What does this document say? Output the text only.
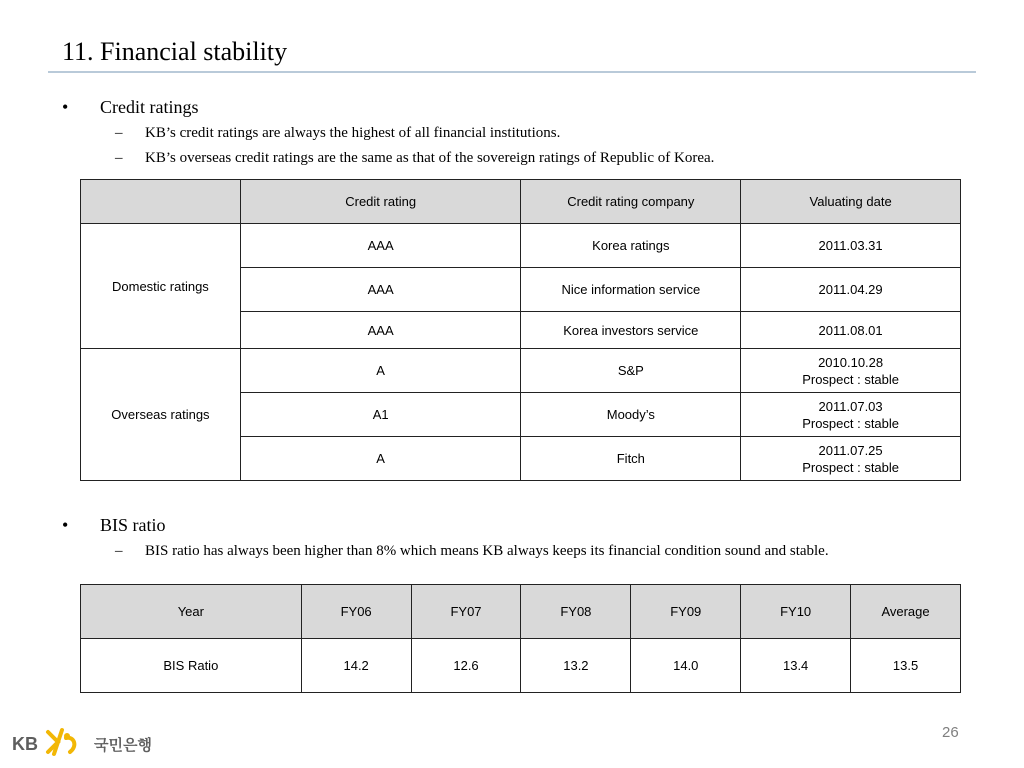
11. Financial stability
• Credit ratings
– KB’s credit ratings are always the highest of all financial institutions.
– KB’s overseas credit ratings are the same as that of the sovereign ratings of Republic of Korea.
	Credit rating	Credit rating company	Valuating date
Domestic ratings	AAA	Korea ratings	2011.03.31
	AAA	Nice information service	2011.04.29
	AAA	Korea investors service	2011.08.01
Overseas ratings	A	S&P	2010.10.28
Prospect : stable

	A1	Moody’s	2011.07.03
Prospect : stable

	A	Fitch	2011.07.25
Prospect : stable
• BIS ratio
– BIS ratio has always been higher than 8% which means KB always keeps its financial condition sound and stable.
Year	FY06	FY07	FY08	FY09	FY10	Average
BIS Ratio	14.2	12.6	13.2	14.0	13.4	13.5
KB	국민은행
26
